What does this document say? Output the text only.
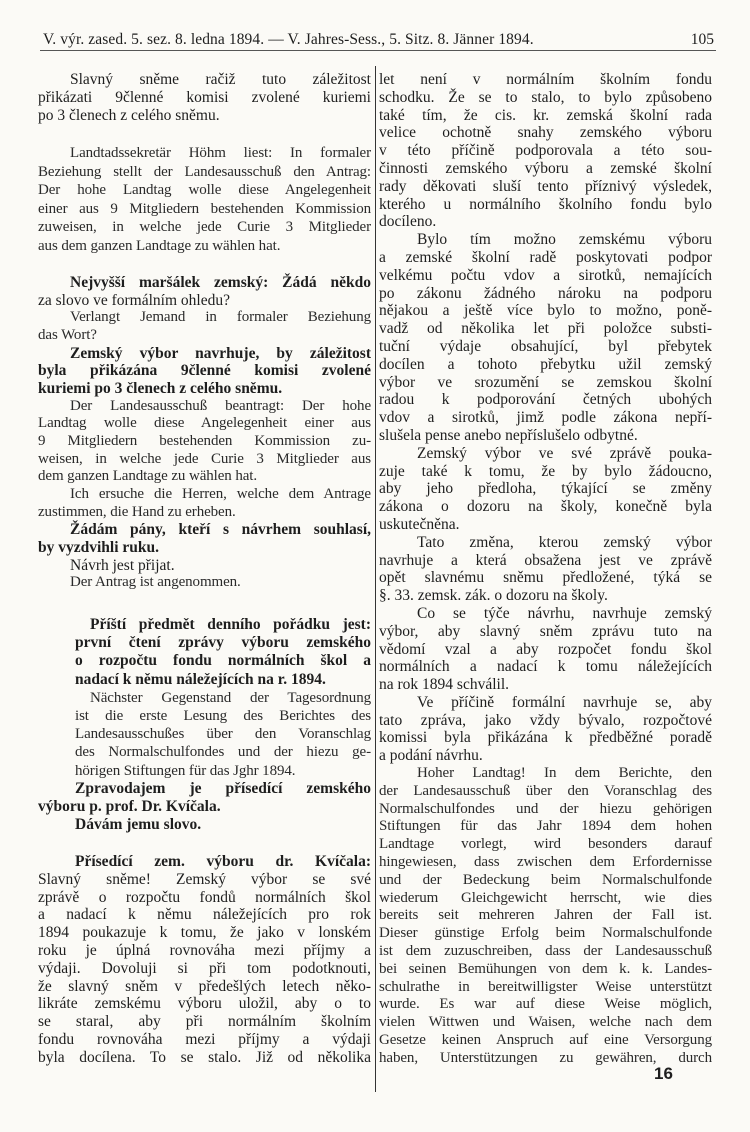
V. výr. zased. 5. sez. 8. ledna 1894. — V. Jahres-Sess., 5. Sitz. 8. Jänner 1894.	105
Slavný sněme račiž tuto záležitost
přikázati 9členné komisi zvolené kuriemi
po 3 členech z celého sněmu.
Landtadssekretär Höhm liest: In formaler
Beziehung stellt der Landesausschuß den Antrag:
Der hohe Landtag wolle diese Angelegenheit
einer aus 9 Mitgliedern bestehenden Kommission
zuweisen, in welche jede Curie 3 Mitglieder
aus dem ganzen Landtage zu wählen hat.
Nejvyšší maršálek zemský: Žádá někdo
za slovo ve formálním ohledu?
Verlangt Jemand in formaler Beziehung
das Wort?
Zemský výbor navrhuje, by záležitost
byla přikázána 9členné komisi zvolené
kuriemi po 3 členech z celého sněmu.
Der Landesausschuß beantragt: Der hohe
Landtag wolle diese Angelegenheit einer aus
9 Mitgliedern bestehenden Kommission zu-
weisen, in welche jede Curie 3 Mitglieder aus
dem ganzen Landtage zu wählen hat.
Ich ersuche die Herren, welche dem Antrage
zustimmen, die Hand zu erheben.
Žádám pány, kteří s návrhem souhlasí,
by vyzdvihli ruku.
Návrh jest přijat.
Der Antrag ist angenommen.
Příští předmět denního pořádku jest:
první čtení zprávy výboru zemského
o rozpočtu fondu normálních škol a
nadací k němu náležejících na r. 1894.
Nächster Gegenstand der Tagesordnung
ist die erste Lesung des Berichtes des
Landesausschußes über den Voranschlag
des Normalschulfondes und der hiezu ge-
hörigen Stiftungen für das Jghr 1894.
Zpravodajem je přísedící zemského
výboru p. prof. Dr. Kvíčala.
Dávám jemu slovo.
Přísedící zem. výboru dr. Kvíčala:
Slavný sněme! Zemský výbor se své
zprávě o rozpočtu fondů normálních škol
a nadací k němu náležejících pro rok
1894 poukazuje k tomu, že jako v lonském
roku je úplná rovnováha mezi příjmy a
výdaji. Dovoluji si při tom podotknouti,
že slavný sněm v předešlých letech něko-
likráte zemskému výboru uložil, aby o to
se staral, aby při normálním školním
fondu rovnováha mezi příjmy a výdaji
byla docílena. To se stalo. Již od několika
let není v normálním školním fondu
schodku. Že se to stalo, to bylo způsobeno
také tím, že cis. kr. zemská školní rada
velice ochotně snahy zemského výboru
v této příčině podporovala a této sou-
činnosti zemského výboru a zemské školní
rady děkovati sluší tento příznivý výsledek,
kterého u normálního školního fondu bylo
docíleno.
Bylo tím možno zemskému výboru
a zemské školní radě poskytovati podpor
velkému počtu vdov a sirotků, nemajících
po zákonu žádného nároku na podporu
nějakou a ještě více bylo to možno, poně-
vadž od několika let při položce substi-
tuční výdaje obsahující, byl přebytek
docílen a tohoto přebytku užil zemský
výbor ve srozumění se zemskou školní
radou k podporování četných ubohých
vdov a sirotků, jimž podle zákona nepří-
slušela pense anebo nepříslušelo odbytné.
Zemský výbor ve své zprávě pouka-
zuje také k tomu, že by bylo žádoucno,
aby jeho předloha, týkající se změny
zákona o dozoru na školy, konečně byla
uskutečněna.
Tato změna, kterou zemský výbor
navrhuje a která obsažena jest ve zprávě
opět slavnému sněmu předložené, týká se
§. 33. zemsk. zák. o dozoru na školy.
Co se týče návrhu, navrhuje zemský
výbor, aby slavný sněm zprávu tuto na
vědomí vzal a aby rozpočet fondu škol
normálních a nadací k tomu náležejících
na rok 1894 schválil.
Ve příčině formální navrhuje se, aby
tato zpráva, jako vždy bývalo, rozpočtové
komissi byla přikázána k předběžné poradě
a podání návrhu.
Hoher Landtag! In dem Berichte, den
der Landesausschuß über den Voranschlag des
Normalschulfondes und der hiezu gehörigen
Stiftungen für das Jahr 1894 dem hohen
Landtage vorlegt, wird besonders darauf
hingewiesen, dass zwischen dem Erfordernisse
und der Bedeckung beim Normalschulfonde
wiederum Gleichgewicht herrscht, wie dies
bereits seit mehreren Jahren der Fall ist.
Dieser günstige Erfolg beim Normalschulfonde
ist dem zuzuschreiben, dass der Landesausschuß
bei seinen Bemühungen von dem k. k. Landes-
schulrathe in bereitwilligster Weise unterstützt
wurde. Es war auf diese Weise möglich,
vielen Wittwen und Waisen, welche nach dem
Gesetze keinen Anspruch auf eine Versorgung
haben, Unterstützungen zu gewähren, durch
16
